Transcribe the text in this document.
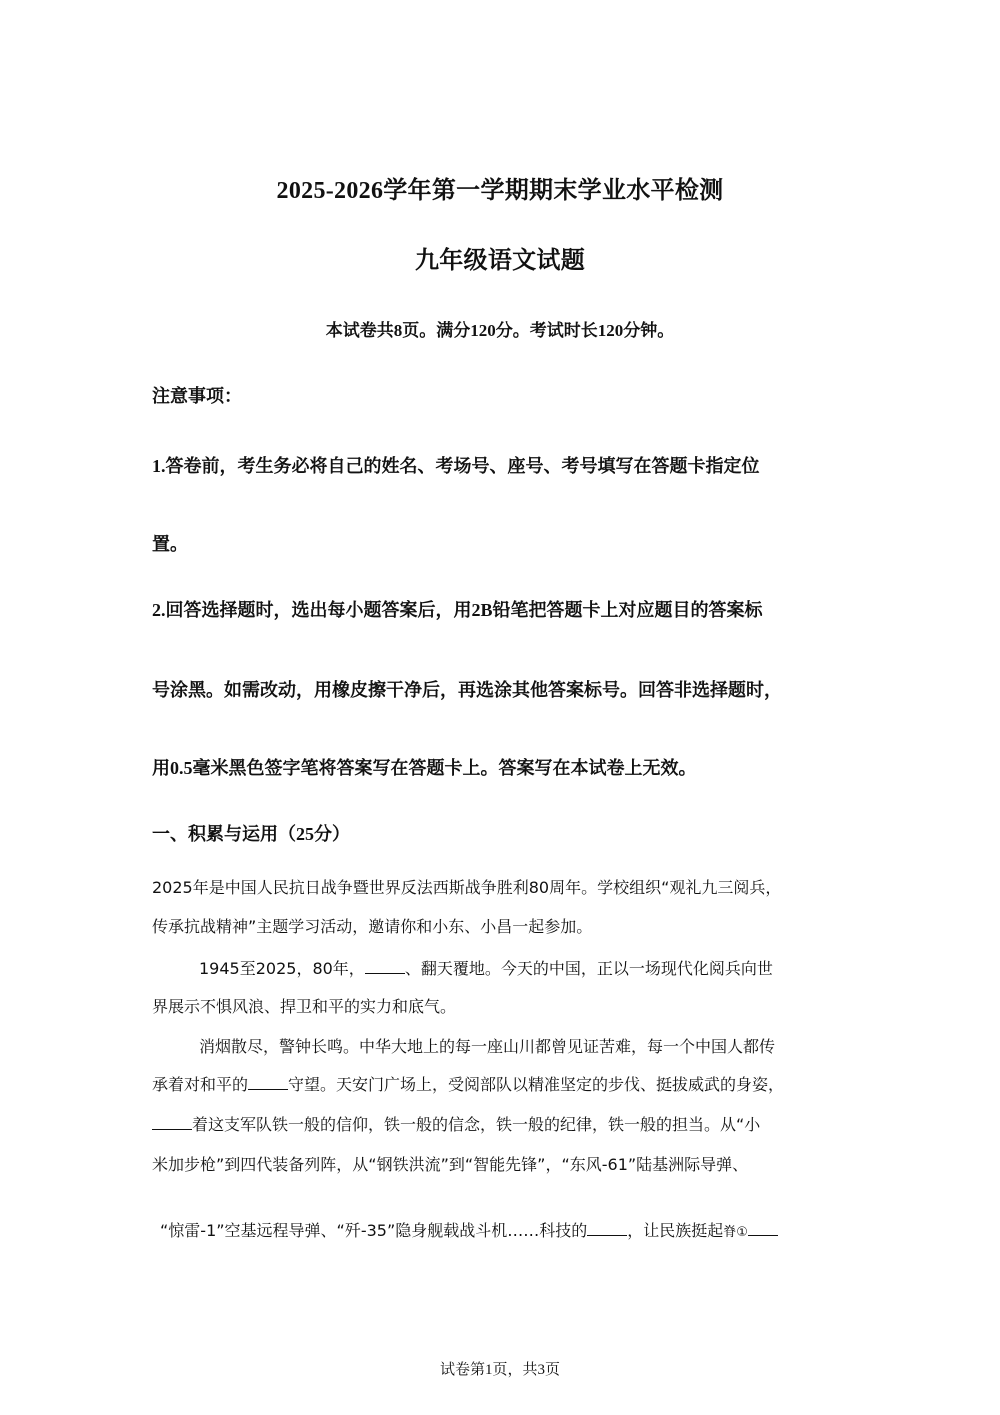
2025-2026学年第一学期期末学业水平检测

九年级语文试题

本试卷共8页。满分120分。考试时长120分钟。

注意事项：

1.答卷前，考生务必将自己的姓名、考场号、座号、考号填写在答题卡指定位

置。

2.回答选择题时，选出每小题答案后，用2B铅笔把答题卡上对应题目的答案标

号涂黑。如需改动，用橡皮擦干净后，再选涂其他答案标号。回答非选择题时，

用0.5毫米黑色签字笔将答案写在答题卡上。答案写在本试卷上无效。

一、积累与运用（25分）

2025年是中国人民抗日战争暨世界反法西斯战争胜利80周年。学校组织“观礼九三阅兵，

传承抗战精神”主题学习活动，邀请你和小东、小昌一起参加。

1945至2025，80年，	、翻天覆地。今天的中国，正以一场现代化阅兵向世

界展示不惧风浪、捍卫和平的实力和底气。

消烟散尽，警钟长鸣。中华大地上的每一座山川都曾见证苦难，每一个中国人都传

承着对和平的	守望。天安门广场上，受阅部队以精准坚定的步伐、挺拔威武的身姿，

着这支军队铁一般的信仰，铁一般的信念，铁一般的纪律，铁一般的担当。从“小

米加步枪”到四代装备列阵，从“钢铁洪流”到“智能先锋”，“东风-61”陆基洲际导弹、

“惊雷-1”空基远程导弹、“歼-35”隐身舰载战斗机……科技的	，让民族挺起脊①

试卷第1页，共3页
